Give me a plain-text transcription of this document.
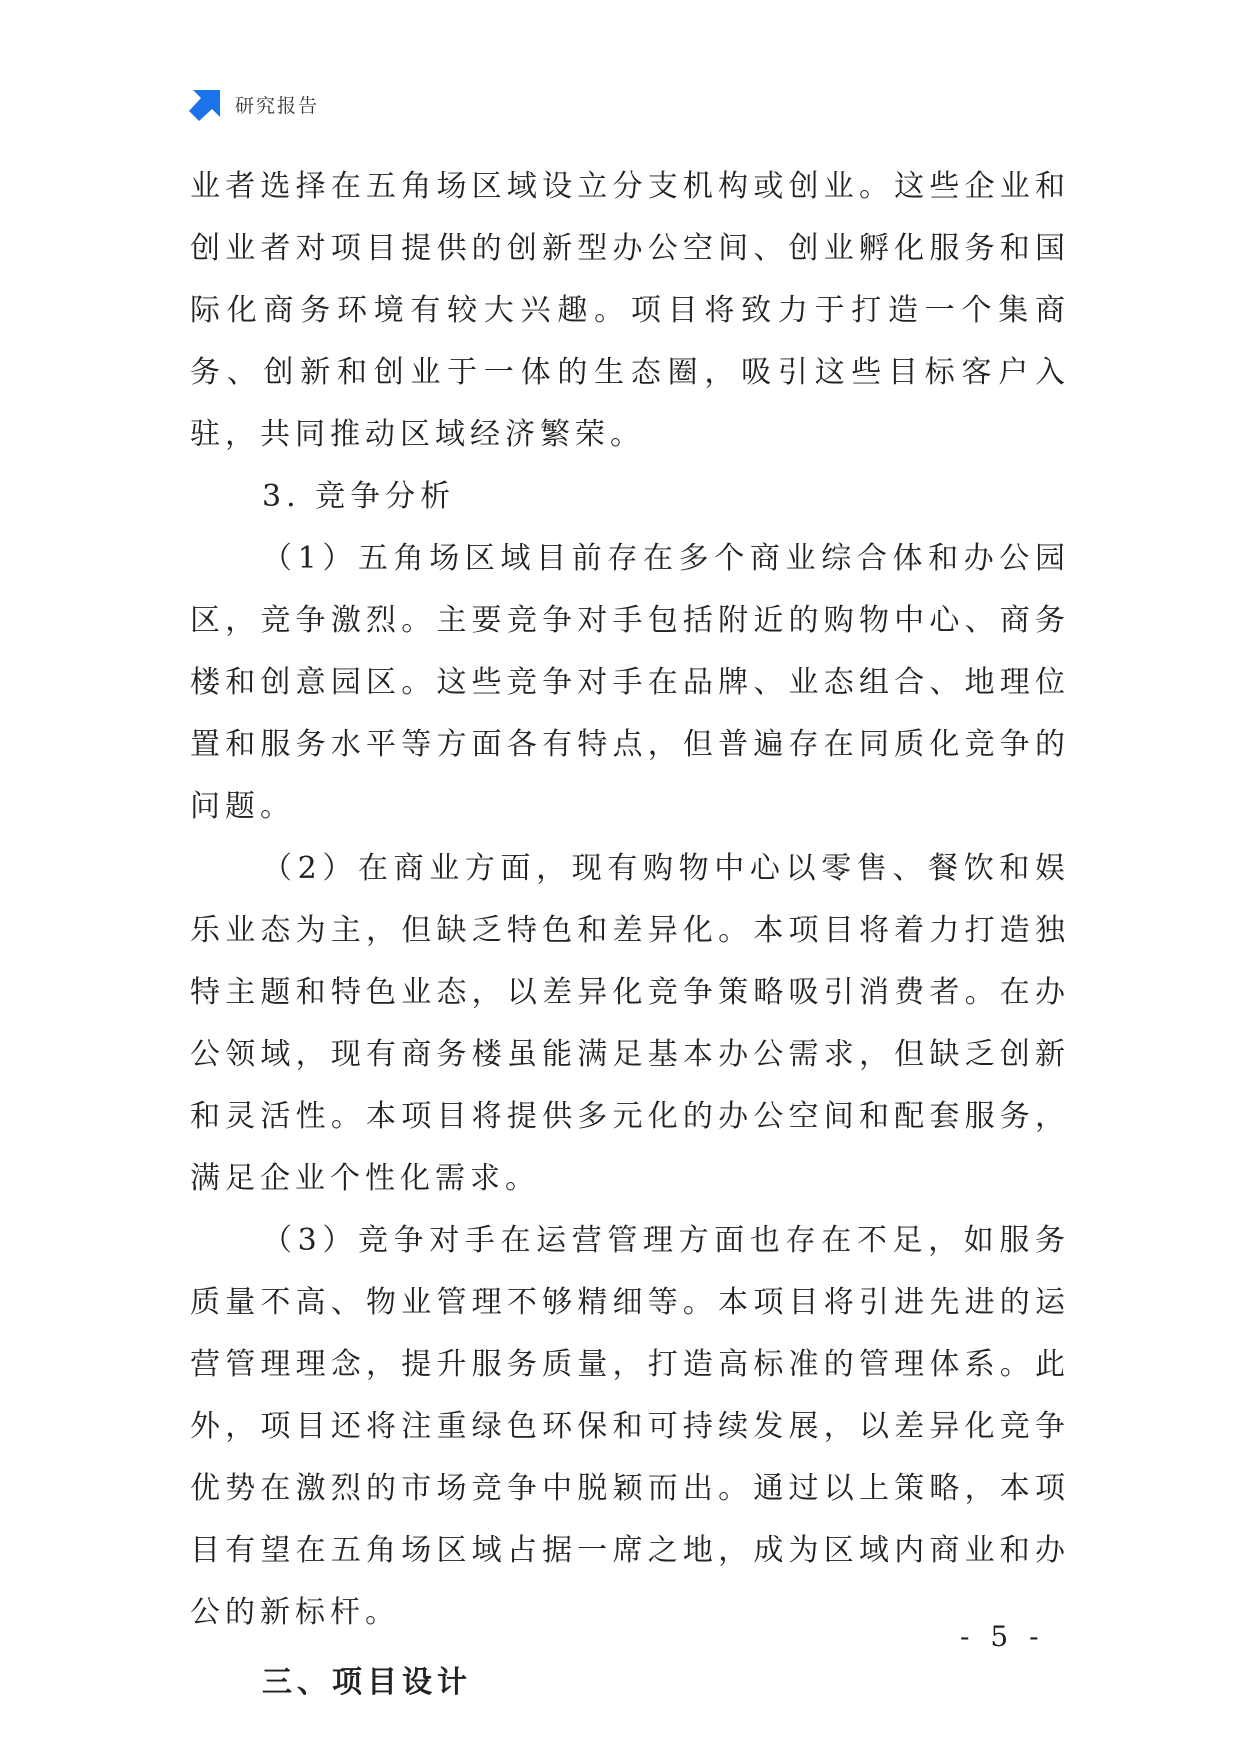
研究报告

业者选择在五角场区域设立分支机构或创业。这些企业和创业者对项目提供的创新型办公空间、创业孵化服务和国际化商务环境有较大兴趣。项目将致力于打造一个集商务、创新和创业于一体的生态圈，吸引这些目标客户入驻，共同推动区域经济繁荣。

3. 竞争分析

（1）五角场区域目前存在多个商业综合体和办公园区，竞争激烈。主要竞争对手包括附近的购物中心、商务楼和创意园区。这些竞争对手在品牌、业态组合、地理位置和服务水平等方面各有特点，但普遍存在同质化竞争的问题。

（2）在商业方面，现有购物中心以零售、餐饮和娱乐业态为主，但缺乏特色和差异化。本项目将着力打造独特主题和特色业态，以差异化竞争策略吸引消费者。在办公领域，现有商务楼虽能满足基本办公需求，但缺乏创新和灵活性。本项目将提供多元化的办公空间和配套服务，满足企业个性化需求。

（3）竞争对手在运营管理方面也存在不足，如服务质量不高、物业管理不够精细等。本项目将引进先进的运营管理理念，提升服务质量，打造高标准的管理体系。此外，项目还将注重绿色环保和可持续发展，以差异化竞争优势在激烈的市场竞争中脱颖而出。通过以上策略，本项目有望在五角场区域占据一席之地，成为区域内商业和办公的新标杆。

三、项目设计

- 5 -
